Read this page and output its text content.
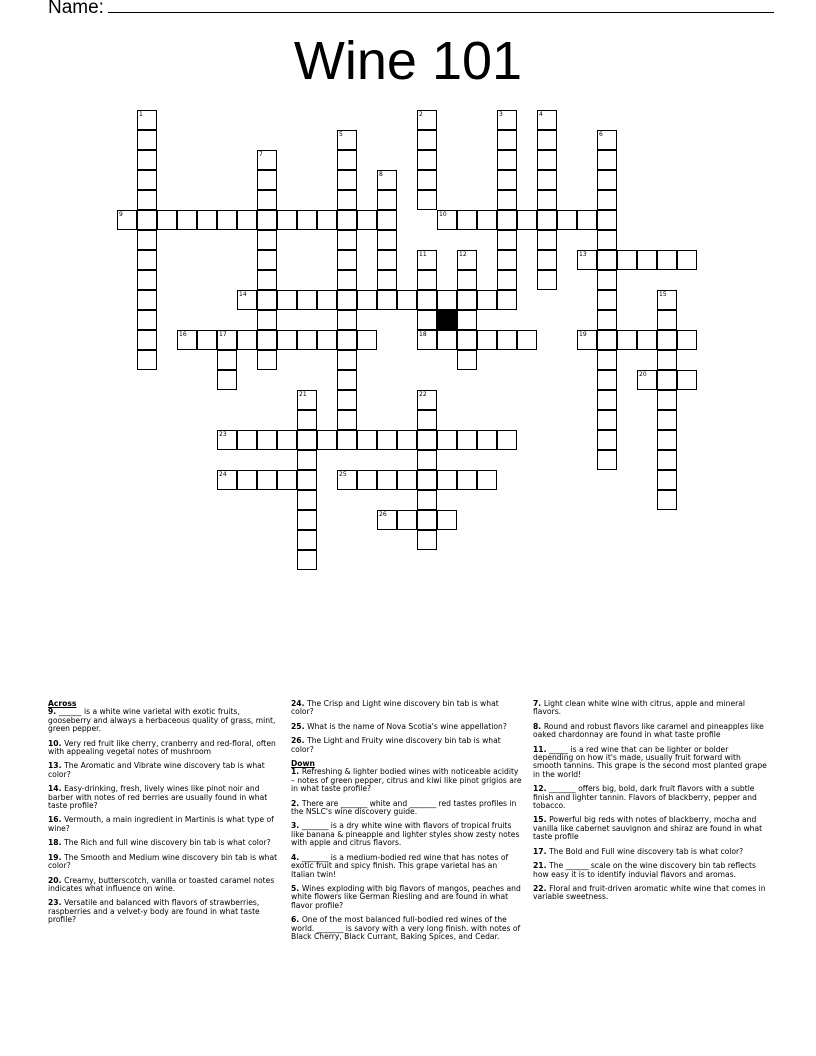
Name:
Wine 101
9	10
13
14
16	17	18	19
20
23
24	25
26
1	2	3	4
5	6
7
8
11	12
15
21	22
Across
9. ______ is a white wine varietal with exotic fruits, gooseberry and always a herbaceous quality of grass, mint, green pepper.
10. Very red fruit like cherry, cranberry and red-floral, often with appealing vegetal notes of mushroom
13. The Aromatic and Vibrate wine discovery tab is what color?
14. Easy-drinking, fresh, lively wines like pinot noir and barber with notes of red berries are usually found in what taste profile?
16. Vermouth, a main ingredient in Martinis is what type of wine?
18. The Rich and full wine discovery bin tab is what color?
19. The Smooth and Medium wine discovery bin tab is what color?
20. Creamy, butterscotch, vanilla or toasted caramel notes indicates what influence on wine.
23. Versatile and balanced with flavors of strawberries, raspberries and a velvet-y body are found in what taste profile?
24. The Crisp and Light wine discovery bin tab is what color?
25. What is the name of Nova Scotia's wine appellation?
26. The Light and Fruity wine discovery bin tab is what color?
Down
1. Refreshing & lighter bodied wines with noticeable acidity – notes of green pepper, citrus and kiwi like pinot grigios are in what taste profile?
2. There are _______ white and _______ red tastes profiles in the NSLC's wine discovery guide.
3. _______ is a dry white wine with flavors of tropical fruits like banana & pineapple and lighter styles show zesty notes with apple and citrus flavors.
4. _______ is a medium-bodied red wine that has notes of exotic fruit and spicy finish. This grape varietal has an Italian twin!
5. Wines exploding with big flavors of mangos, peaches and white flowers like German Riesling and are found in what flavor profile?
6. One of the most balanced full-bodied red wines of the world. _______ is savory with a very long finish. with notes of Black Cherry, Black Currant, Baking Spices, and Cedar.
7. Light clean white wine with citrus, apple and mineral flavors.
8. Round and robust flavors like caramel and pineapples like oaked chardonnay are found in what taste profile
11. _____ is a red wine that can be lighter or bolder depending on how it's made, usually fruit forward with smooth tannins. This grape is the second most planted grape in the world!
12. _______ offers big, bold, dark fruit flavors with a subtle finish and lighter tannin. Flavors of blackberry, pepper and tobacco.
15. Powerful big reds with notes of blackberry, mocha and vanilla like cabernet sauvignon and shiraz are found in what taste profile
17. The Bold and Full wine discovery tab is what color?
21. The ______ scale on the wine discovery bin tab reflects how easy it is to identify induvial flavors and aromas.
22. Floral and fruit-driven aromatic white wine that comes in variable sweetness.
